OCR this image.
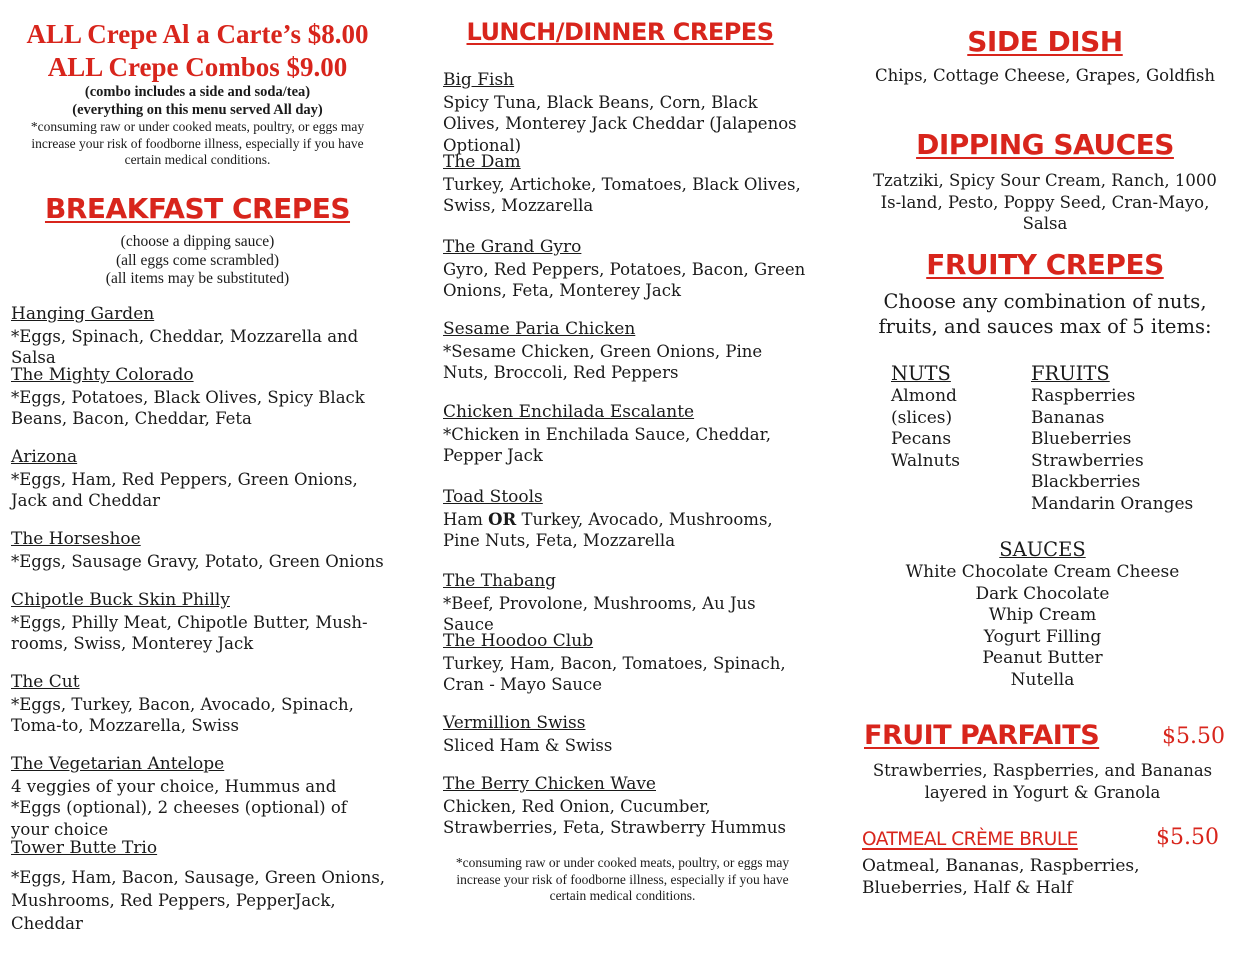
ALL Crepe Al a Carte’s $8.00
ALL Crepe Combos $9.00
(combo includes a side and soda/tea)
(everything on this menu served All day)
*consuming raw or under cooked meats, poultry, or eggs may increase your risk of foodborne illness, especially if you have certain medical conditions.
BREAKFAST CREPES
(choose a dipping sauce)
(all eggs come scrambled)
(all items may be substituted)
Hanging Garden
*Eggs, Spinach, Cheddar, Mozzarella and Salsa
The Mighty Colorado
*Eggs, Potatoes, Black Olives, Spicy Black Beans, Bacon, Cheddar, Feta
Arizona
*Eggs, Ham, Red Peppers, Green Onions, Jack and Cheddar
The Horseshoe
*Eggs, Sausage Gravy, Potato, Green Onions
Chipotle Buck Skin Philly
*Eggs, Philly Meat, Chipotle Butter, Mush-rooms, Swiss, Monterey Jack
The Cut
*Eggs, Turkey, Bacon, Avocado, Spinach, Toma-to, Mozzarella, Swiss
The Vegetarian Antelope
4 veggies of your choice, Hummus and *Eggs (optional), 2 cheeses (optional) of your choice
Tower Butte Trio
*Eggs, Ham, Bacon, Sausage, Green Onions, Mushrooms, Red Peppers, PepperJack, Cheddar
LUNCH/DINNER CREPES
Big Fish
Spicy Tuna, Black Beans, Corn, Black Olives, Monterey Jack Cheddar (Jalapenos Optional)
The Dam
Turkey, Artichoke, Tomatoes, Black Olives, Swiss, Mozzarella
The Grand Gyro
Gyro, Red Peppers, Potatoes, Bacon, Green Onions, Feta, Monterey Jack
Sesame Paria Chicken
*Sesame Chicken, Green Onions, Pine Nuts, Broccoli, Red Peppers
Chicken Enchilada Escalante
*Chicken in Enchilada Sauce, Cheddar, Pepper Jack
Toad Stools
Ham OR Turkey, Avocado, Mushrooms, Pine Nuts, Feta, Mozzarella
The Thabang
*Beef, Provolone, Mushrooms, Au Jus Sauce
The Hoodoo Club
Turkey, Ham, Bacon, Tomatoes, Spinach, Cran - Mayo Sauce
Vermillion Swiss
Sliced Ham & Swiss
The Berry Chicken Wave
Chicken, Red Onion, Cucumber, Strawberries, Feta, Strawberry Hummus
*consuming raw or under cooked meats, poultry, or eggs may increase your risk of foodborne illness, especially if you have certain medical conditions.
SIDE DISH
Chips, Cottage Cheese, Grapes, Goldfish
DIPPING SAUCES
Tzatziki, Spicy Sour Cream, Ranch, 1000 Is-land, Pesto, Poppy Seed, Cran-Mayo, Salsa
FRUITY CREPES
Choose any combination of nuts, fruits, and sauces max of 5 items:
NUTS
Almond
(slices)
Pecans
Walnuts
FRUITS
Raspberries
Bananas
Blueberries
Strawberries
Blackberries
Mandarin Oranges
SAUCES
White Chocolate Cream Cheese
Dark Chocolate
Whip Cream
Yogurt Filling
Peanut Butter
Nutella
FRUIT PARFAITS	$5.50
Strawberries, Raspberries, and Bananas layered in Yogurt & Granola
OATMEAL CRÈME BRULE	$5.50
Oatmeal, Bananas, Raspberries, Blueberries, Half & Half
